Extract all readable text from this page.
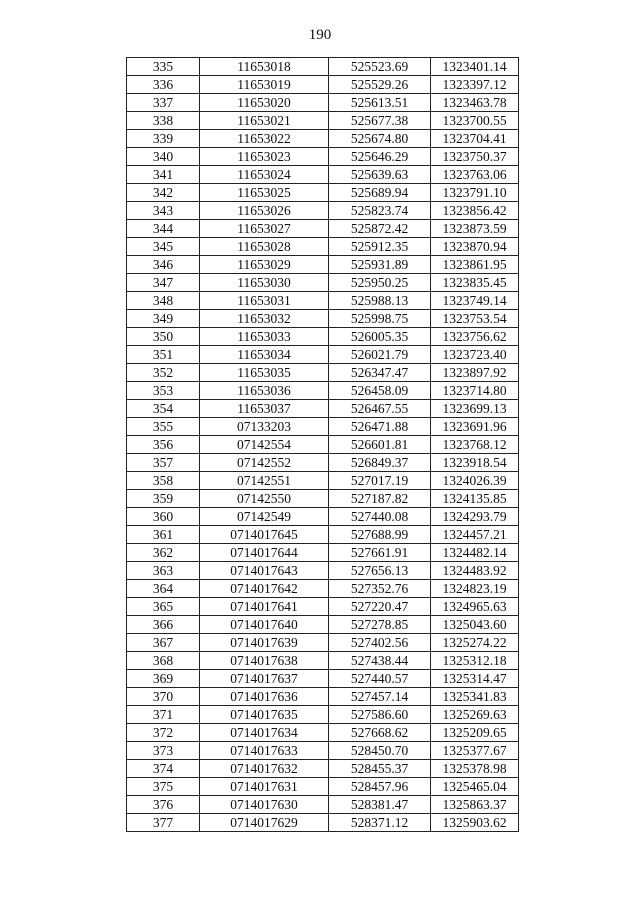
190
335	11653018	525523.69	1323401.14
336	11653019	525529.26	1323397.12
337	11653020	525613.51	1323463.78
338	11653021	525677.38	1323700.55
339	11653022	525674.80	1323704.41
340	11653023	525646.29	1323750.37
341	11653024	525639.63	1323763.06
342	11653025	525689.94	1323791.10
343	11653026	525823.74	1323856.42
344	11653027	525872.42	1323873.59
345	11653028	525912.35	1323870.94
346	11653029	525931.89	1323861.95
347	11653030	525950.25	1323835.45
348	11653031	525988.13	1323749.14
349	11653032	525998.75	1323753.54
350	11653033	526005.35	1323756.62
351	11653034	526021.79	1323723.40
352	11653035	526347.47	1323897.92
353	11653036	526458.09	1323714.80
354	11653037	526467.55	1323699.13
355	07133203	526471.88	1323691.96
356	07142554	526601.81	1323768.12
357	07142552	526849.37	1323918.54
358	07142551	527017.19	1324026.39
359	07142550	527187.82	1324135.85
360	07142549	527440.08	1324293.79
361	0714017645	527688.99	1324457.21
362	0714017644	527661.91	1324482.14
363	0714017643	527656.13	1324483.92
364	0714017642	527352.76	1324823.19
365	0714017641	527220.47	1324965.63
366	0714017640	527278.85	1325043.60
367	0714017639	527402.56	1325274.22
368	0714017638	527438.44	1325312.18
369	0714017637	527440.57	1325314.47
370	0714017636	527457.14	1325341.83
371	0714017635	527586.60	1325269.63
372	0714017634	527668.62	1325209.65
373	0714017633	528450.70	1325377.67
374	0714017632	528455.37	1325378.98
375	0714017631	528457.96	1325465.04
376	0714017630	528381.47	1325863.37
377	0714017629	528371.12	1325903.62
